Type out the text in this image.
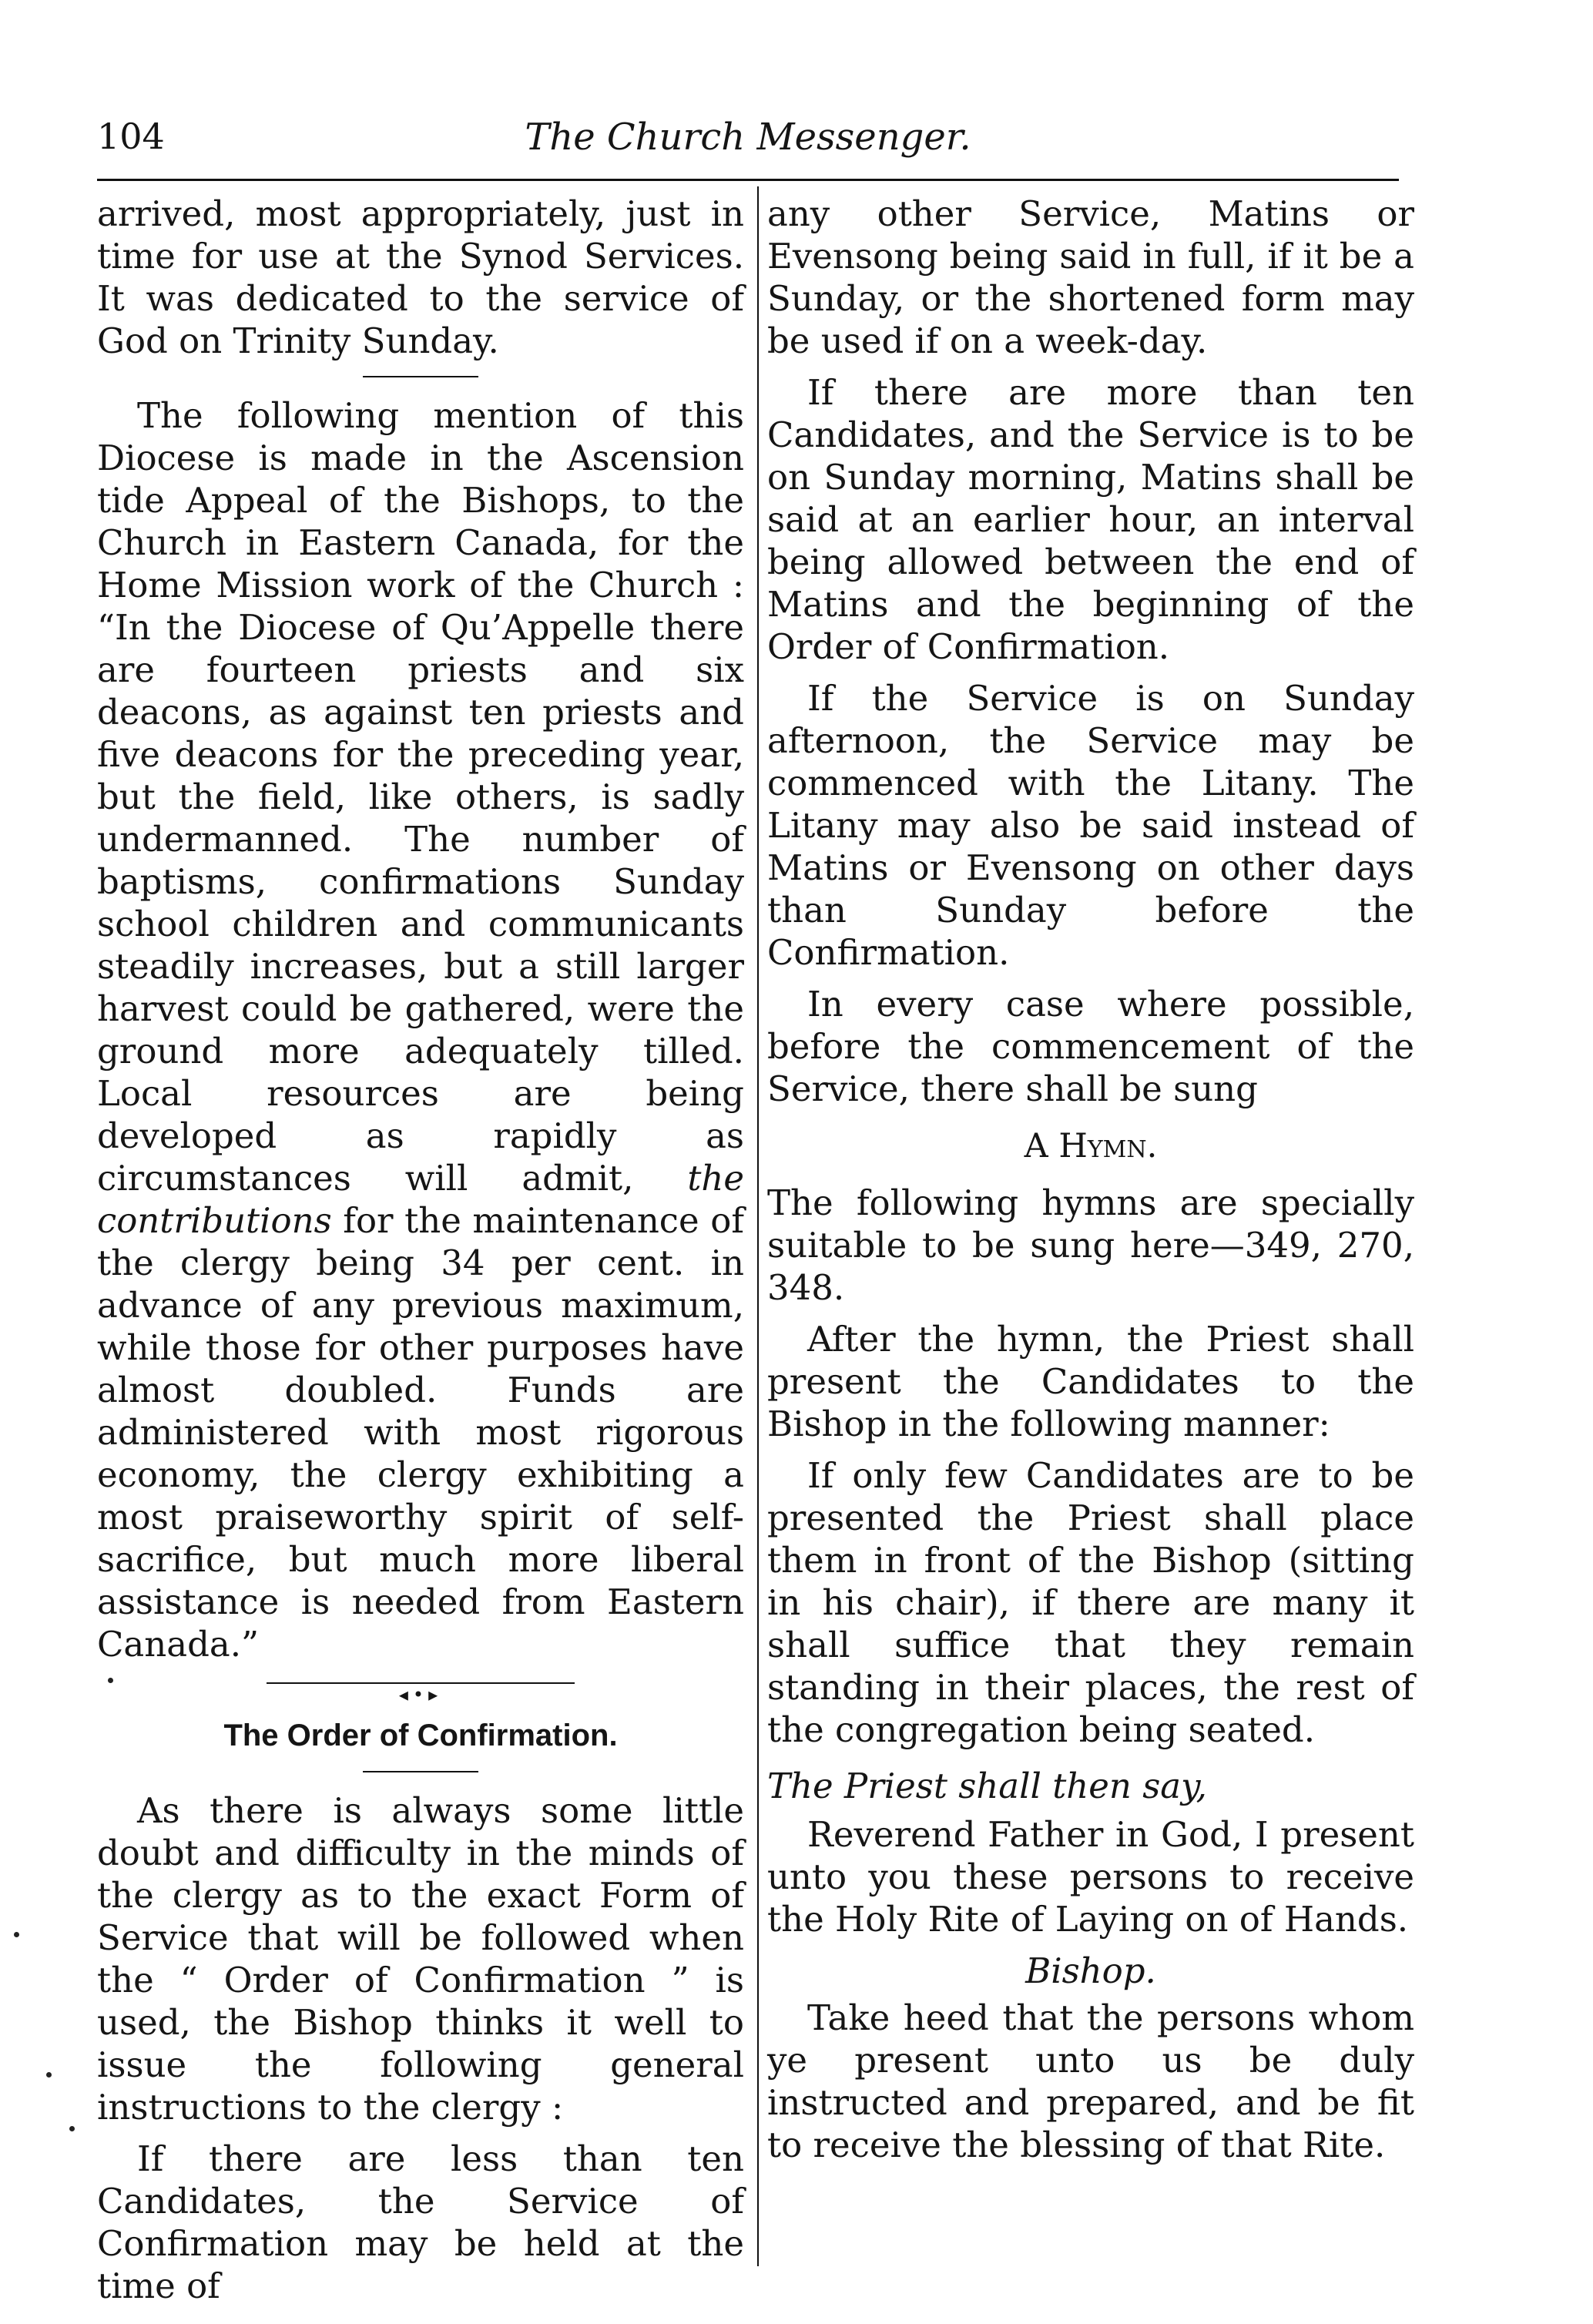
104	The Church Messenger.

arrived, most appropriately, just in time for use at the Synod Services. It was dedicated to the service of God on Trinity Sunday.

The following mention of this Diocese is made in the Ascension tide Appeal of the Bishops, to the Church in Eastern Canada, for the Home Mission work of the Church : “In the Diocese of Qu’Appelle there are fourteen priests and six deacons, as against ten priests and five deacons for the preceding year, but the field, like others, is sadly undermanned. The number of baptisms, confirmations Sunday school children and communicants steadily increases, but a still larger harvest could be gathered, were the ground more adequately tilled. Local resources are being developed as rapidly as circumstances will admit, the contributions for the maintenance of the clergy being 34 per cent. in advance of any previous maximum, while those for other purposes have almost doubled. Funds are administered with most rigorous economy, the clergy exhibiting a most praiseworthy spirit of self-sacrifice, but much more liberal assistance is needed from Eastern Canada.”

◂•▸
The Order of Confirmation.

As there is always some little doubt and difficulty in the minds of the clergy as to the exact Form of Service that will be followed when the “ Order of Confirmation ” is used, the Bishop thinks it well to issue the following general instructions to the clergy :

If there are less than ten Candidates, the Service of Confirmation may be held at the time of

any other Service, Matins or Evensong being said in full, if it be a Sunday, or the shortened form may be used if on a week-day.

If there are more than ten Candidates, and the Service is to be on Sunday morning, Matins shall be said at an earlier hour, an interval being allowed between the end of Matins and the beginning of the Order of Confirmation.

If the Service is on Sunday afternoon, the Service may be commenced with the Litany. The Litany may also be said instead of Matins or Evensong on other days than Sunday before the Confirmation.

In every case where possible, before the commencement of the Service, there shall be sung

A Hymn.

The following hymns are specially suitable to be sung here—349, 270, 348.

After the hymn, the Priest shall present the Candidates to the Bishop in the following manner:

If only few Candidates are to be presented the Priest shall place them in front of the Bishop (sitting in his chair), if there are many it shall suffice that they remain standing in their places, the rest of the congregation being seated.

The Priest shall then say,

Reverend Father in God, I present unto you these persons to receive the Holy Rite of Laying on of Hands.

Bishop.

Take heed that the persons whom ye present unto us be duly instructed and prepared, and be fit to receive the blessing of that Rite.
